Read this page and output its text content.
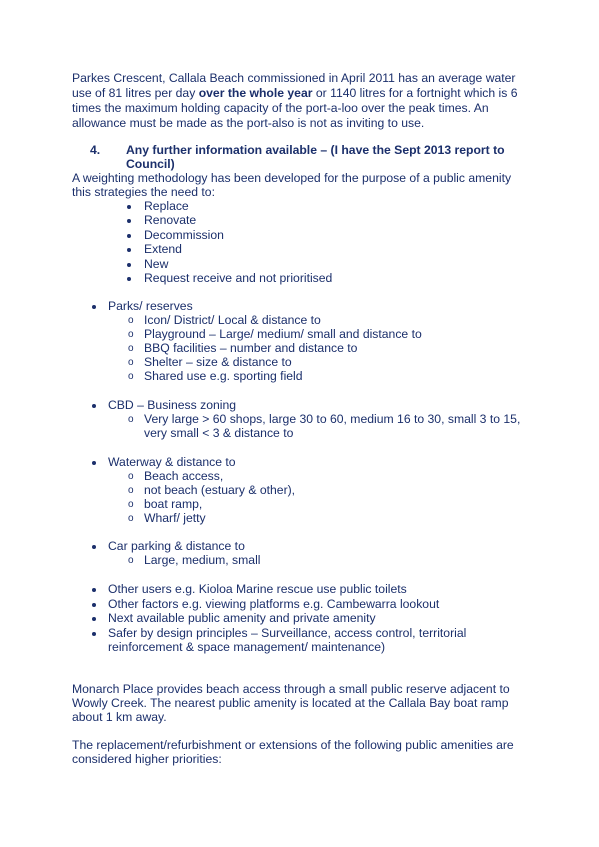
Parkes Crescent, Callala Beach commissioned in April 2011 has an average water
use of 81 litres per day over the whole year or 1140 litres for a fortnight which is 6
times the maximum holding capacity of the port-a-loo over the peak times. An
allowance must be made as the port-also is not as inviting to use.
4. Any further information available – (I have the Sept 2013 report to
Council)
A weighting methodology has been developed for the purpose of a public amenity
this strategies the need to:
Replace
Renovate
Decommission
Extend
New
Request receive and not prioritised
Parks/ reserves
o Icon/ District/ Local & distance to
o Playground – Large/ medium/ small and distance to
o BBQ facilities – number and distance to
o Shelter – size & distance to
o Shared use e.g. sporting field
CBD – Business zoning
o Very large > 60 shops, large 30 to 60, medium 16 to 30, small 3 to 15,
very small < 3 & distance to
Waterway & distance to
o Beach access,
o not beach (estuary & other),
o boat ramp,
o Wharf/ jetty
Car parking & distance to
o Large, medium, small
Other users e.g. Kioloa Marine rescue use public toilets
Other factors e.g. viewing platforms e.g. Cambewarra lookout
Next available public amenity and private amenity
Safer by design principles – Surveillance, access control, territorial
reinforcement & space management/ maintenance)
Monarch Place provides beach access through a small public reserve adjacent to
Wowly Creek. The nearest public amenity is located at the Callala Bay boat ramp
about 1 km away.
The replacement/refurbishment or extensions of the following public amenities are
considered higher priorities:
